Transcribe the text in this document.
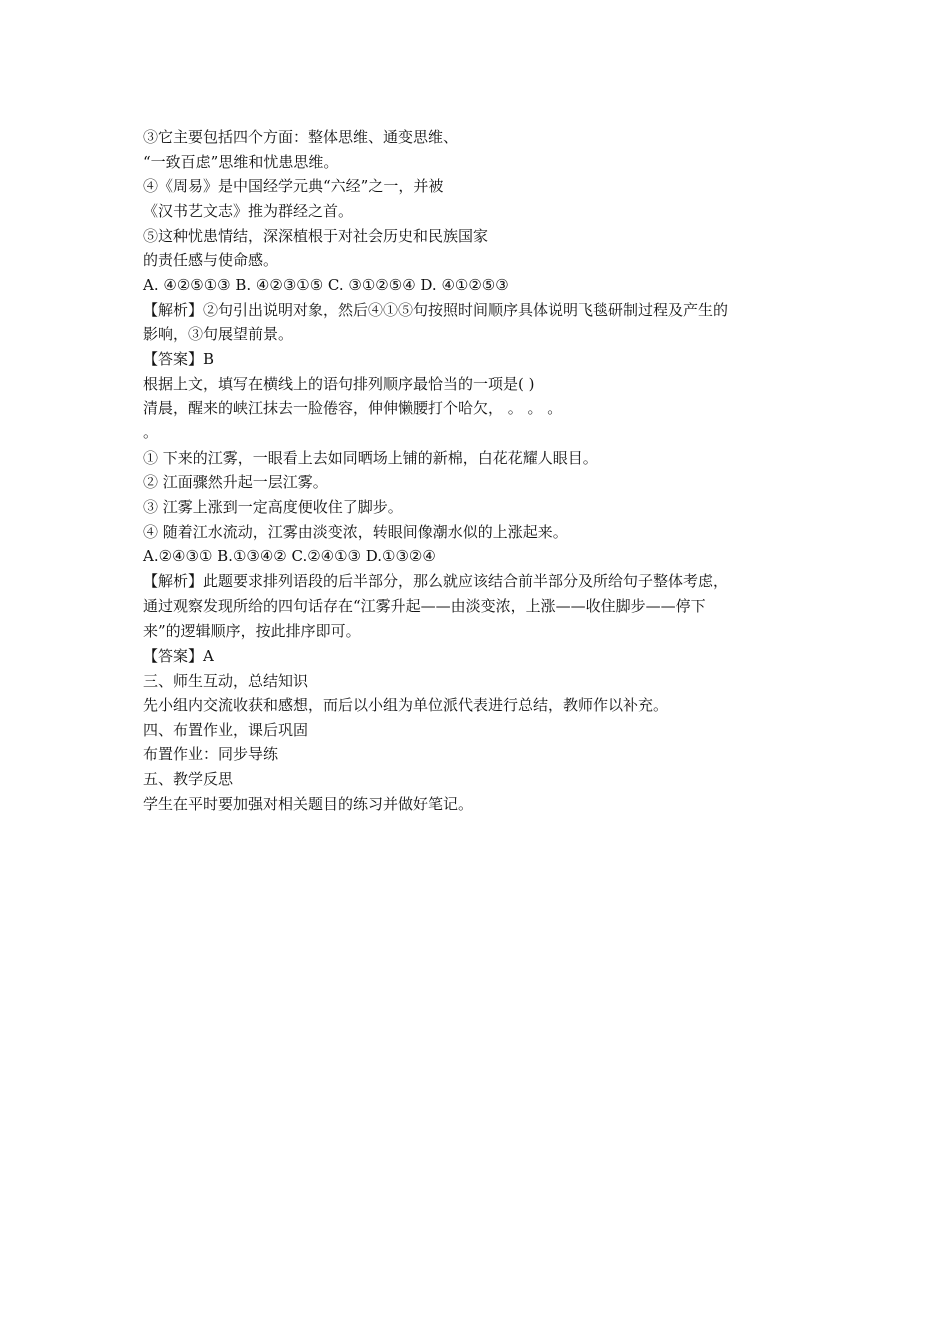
③它主要包括四个方面：整体思维、通变思维、

“一致百虑”思维和忧患思维。

④《周易》是中国经学元典“六经”之一，并被

《汉书艺文志》推为群经之首。

⑤这种忧患情结，深深植根于对社会历史和民族国家

的责任感与使命感。

A. ④②⑤①③ B. ④②③①⑤ C. ③①②⑤④ D. ④①②⑤③

【解析】②句引出说明对象，然后④①⑤句按照时间顺序具体说明飞毯研制过程及产生的

影响，③句展望前景。

【答案】B

根据上文，填写在横线上的语句排列顺序最恰当的一项是( )

清晨，醒来的峡江抹去一脸倦容，伸伸懒腰打个哈欠， 。 。 。

。

① 下来的江雾，一眼看上去如同晒场上铺的新棉，白花花耀人眼目。

② 江面骤然升起一层江雾。

③ 江雾上涨到一定高度便收住了脚步。

④ 随着江水流动，江雾由淡变浓，转眼间像潮水似的上涨起来。

A.②④③① B.①③④② C.②④①③ D.①③②④

【解析】此题要求排列语段的后半部分，那么就应该结合前半部分及所给句子整体考虑，

通过观察发现所给的四句话存在“江雾升起——由淡变浓，上涨——收住脚步——停下

来”的逻辑顺序，按此排序即可。

【答案】A

三、师生互动，总结知识

先小组内交流收获和感想，而后以小组为单位派代表进行总结，教师作以补充。

四、布置作业，课后巩固

布置作业：同步导练

五、教学反思

学生在平时要加强对相关题目的练习并做好笔记。
